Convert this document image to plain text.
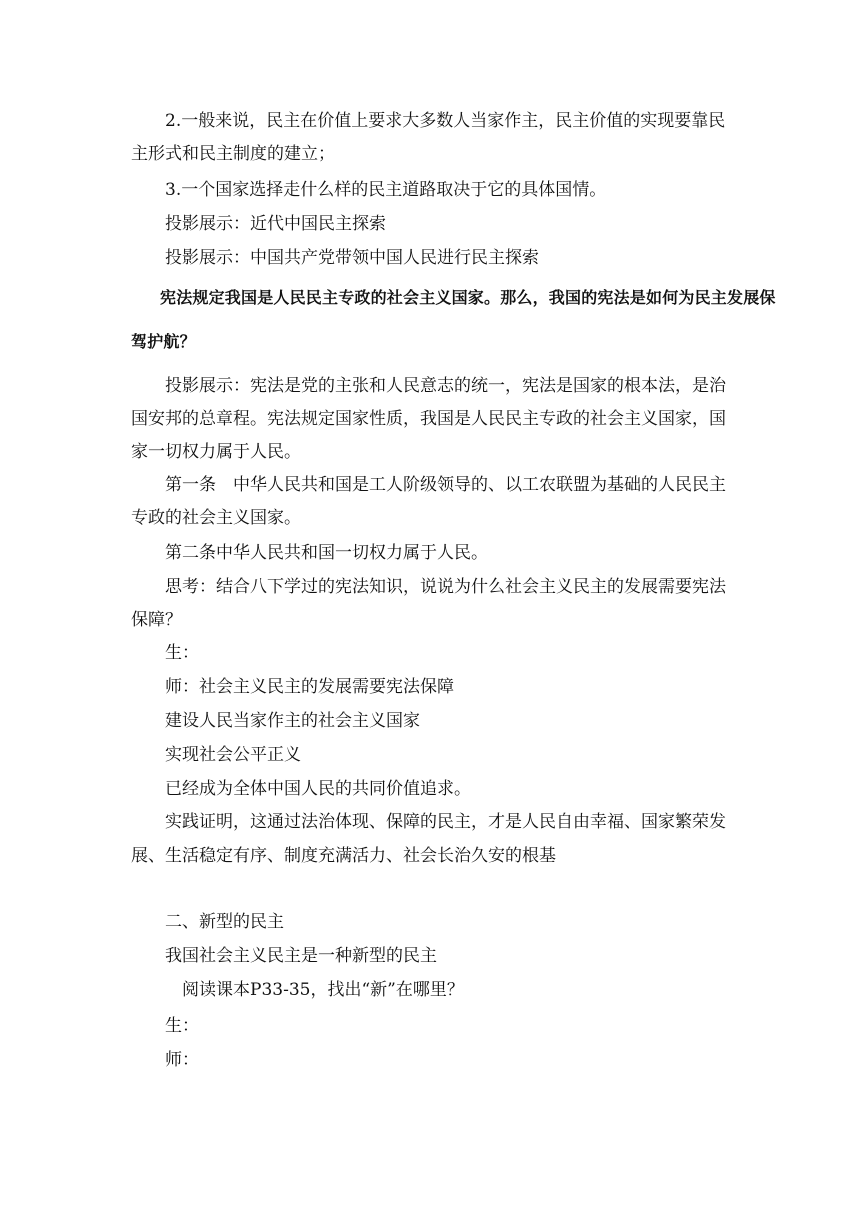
2.一般来说，民主在价值上要求大多数人当家作主，民主价值的实现要靠民
主形式和民主制度的建立；
3.一个国家选择走什么样的民主道路取决于它的具体国情。
投影展示：近代中国民主探索
投影展示：中国共产党带领中国人民进行民主探索
宪法规定我国是人民民主专政的社会主义国家。那么，我国的宪法是如何为民主发展保
驾护航？
投影展示：宪法是党的主张和人民意志的统一，宪法是国家的根本法，是治
国安邦的总章程。宪法规定国家性质，我国是人民民主专政的社会主义国家，国
家一切权力属于人民。
第一条　中华人民共和国是工人阶级领导的、以工农联盟为基础的人民民主
专政的社会主义国家。
第二条中华人民共和国一切权力属于人民。
思考：结合八下学过的宪法知识，说说为什么社会主义民主的发展需要宪法
保障？
生：
师：社会主义民主的发展需要宪法保障
建设人民当家作主的社会主义国家
实现社会公平正义
已经成为全体中国人民的共同价值追求。
实践证明，这通过法治体现、保障的民主，才是人民自由幸福、国家繁荣发
展、生活稳定有序、制度充满活力、社会长治久安的根基
二、新型的民主
我国社会主义民主是一种新型的民主
阅读课本P33-35，找出“新”在哪里？
生：
师：
